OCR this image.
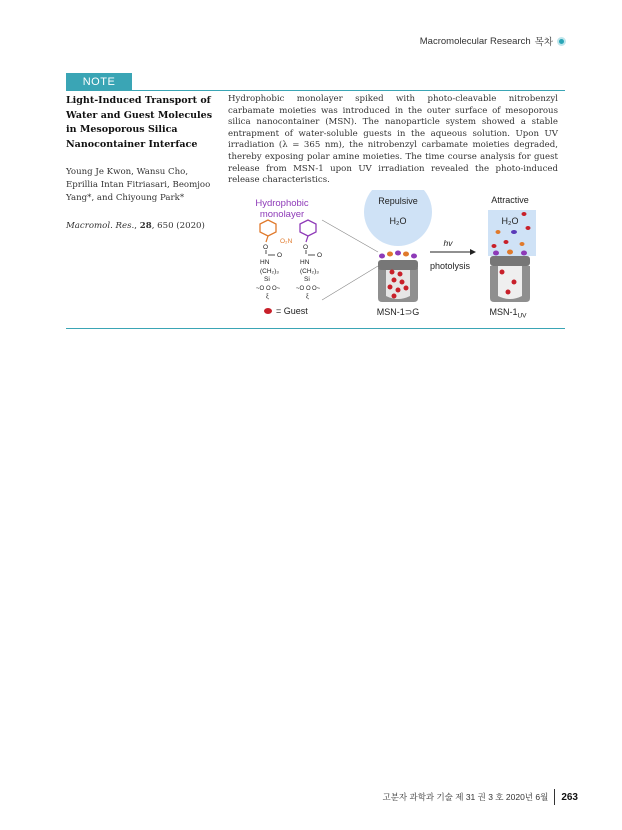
Macromolecular Research 목차
NOTE

Light-Induced Transport of Water and Guest Molecules in Mesoporous Silica Nanocontainer Interface

Young Je Kwon, Wansu Cho, Eprillia Intan Fitriasari, Beomjoo Yang*, and Chiyoung Park*
Macromol. Res., 28, 650 (2020)

Hydrophobic monolayer spiked with photo-cleavable nitrobenzyl carbamate moieties was introduced in the outer surface of mesoporous silica nanocontainer (MSN). The nanoparticle system showed a stable entrapment of water-soluble guests in the aqueous solution. Upon UV irradiation (λ = 365 nm), the nitrobenzyl carbamate moieties degraded, thereby exposing polar amine moieties. The time course analysis for guest release from MSN-1 upon UV irradiation revealed the photo-induced release characteristics.

Hydrophobic
monolayer
O
O
HN
(CH₂)₃
Si
~O O O~
ξ
O₂N
O
O
HN
(CH₂)₃
Si
~O O O~
ξ
Repulsive
H₂O
hv
photolysis
Attractive
H₂O
= Guest	MSN-1⊃G	MSN-$1_{UV}$
고분자 과학과 기술 제 31 권 3 호 2020년 6월 263
